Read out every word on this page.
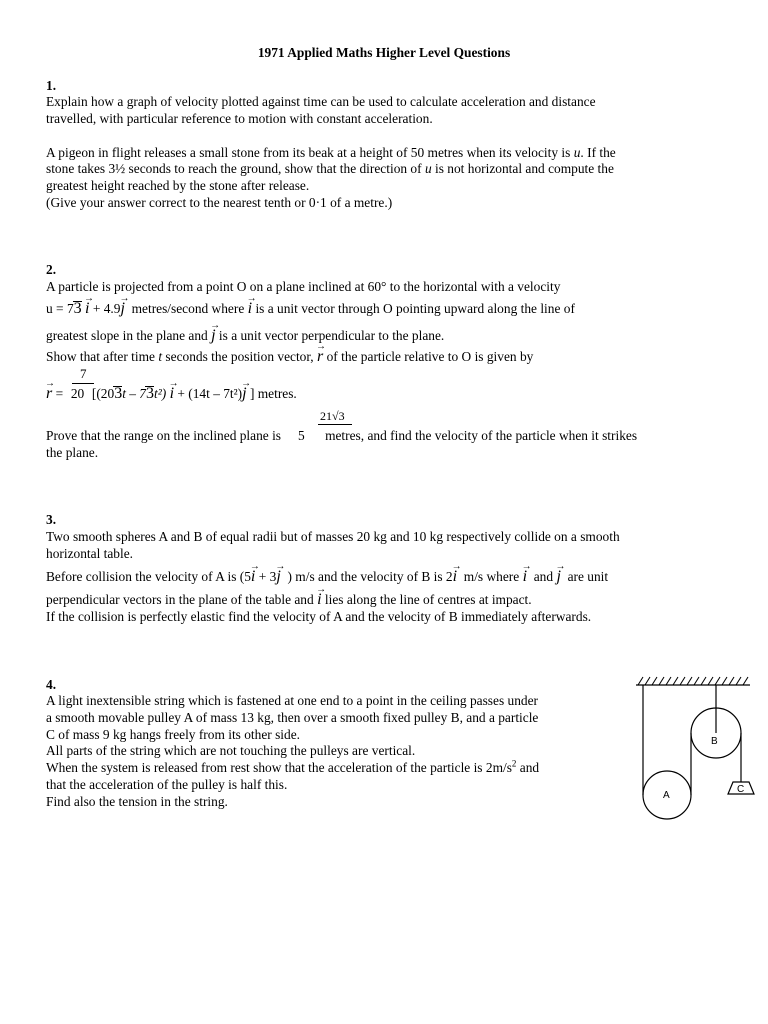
1971 Applied Maths Higher Level Questions
1.
Explain how a graph of velocity plotted against time can be used to calculate acceleration and distance
travelled, with particular reference to motion with constant acceleration.
A pigeon in flight releases a small stone from its beak at a height of 50 metres when its velocity is u. If the
stone takes 3½ seconds to reach the ground, show that the direction of u is not horizontal and compute the
greatest height reached by the stone after release.
(Give your answer correct to the nearest tenth or 0·1 of a metre.)
2.
A particle is projected from a point O on a plane inclined at 60° to the horizontal with a velocity
u = 73 → i + 4.9→ j metres/second where → i is a unit vector through O pointing upward along the line of
greatest slope in the plane and → j is a unit vector perpendicular to the plane.
Show that after time t seconds the position vector, → r of the particle relative to O is given by
7
→ r = 20 [(203t – 73t²) → i + (14t – 7t²)→ j ] metres.
21√3
Prove that the range on the inclined plane is 5 metres, and find the velocity of the particle when it strikes
the plane.
3.
Two smooth spheres A and B of equal radii but of masses 20 kg and 10 kg respectively collide on a smooth
horizontal table.
Before collision the velocity of A is (5→ i + 3→ j ) m/s and the velocity of B is 2→ i m/s where → i and → j are unit
perpendicular vectors in the plane of the table and → i lies along the line of centres at impact.
If the collision is perfectly elastic find the velocity of A and the velocity of B immediately afterwards.
4.
A light inextensible string which is fastened at one end to a point in the ceiling passes under
a smooth movable pulley A of mass 13 kg, then over a smooth fixed pulley B, and a particle
C of mass 9 kg hangs freely from its other side.
All parts of the string which are not touching the pulleys are vertical.
When the system is released from rest show that the acceleration of the particle is $2m/s^2$ and
that the acceleration of the pulley is half this.
Find also the tension in the string.	A
B
C
